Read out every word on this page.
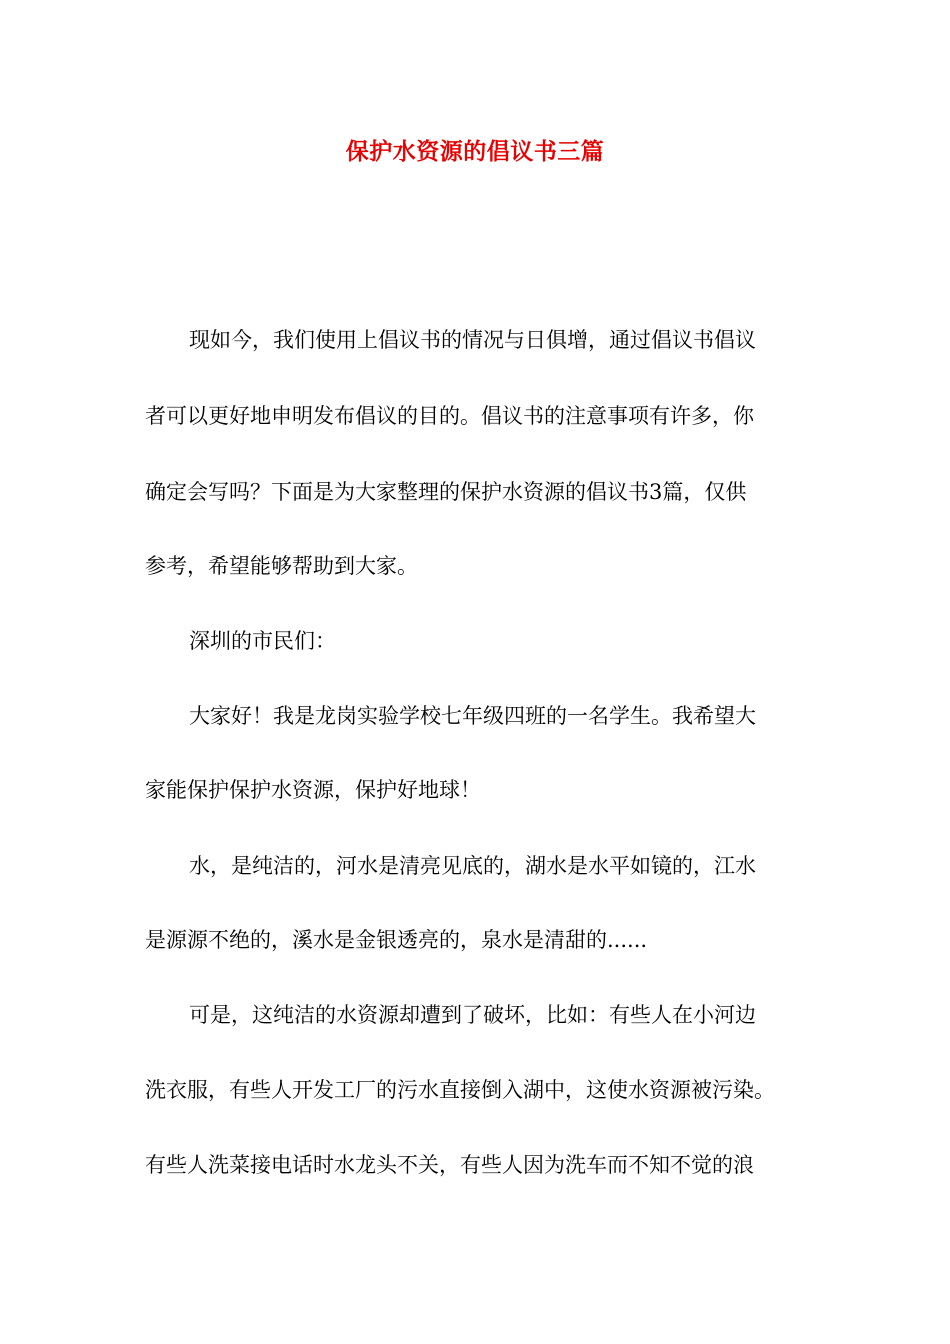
保护水资源的倡议书三篇

现如今，我们使用上倡议书的情况与日俱增，通过倡议书倡议

者可以更好地申明发布倡议的目的。倡议书的注意事项有许多，你

确定会写吗？下面是为大家整理的保护水资源的倡议书3篇，仅供

参考，希望能够帮助到大家。

深圳的市民们：

大家好！我是龙岗实验学校七年级四班的一名学生。我希望大

家能保护保护水资源，保护好地球！

水，是纯洁的，河水是清亮见底的，湖水是水平如镜的，江水

是源源不绝的，溪水是金银透亮的，泉水是清甜的......

可是，这纯洁的水资源却遭到了破坏，比如：有些人在小河边

洗衣服，有些人开发工厂的污水直接倒入湖中，这使水资源被污染。

有些人洗菜接电话时水龙头不关，有些人因为洗车而不知不觉的浪
